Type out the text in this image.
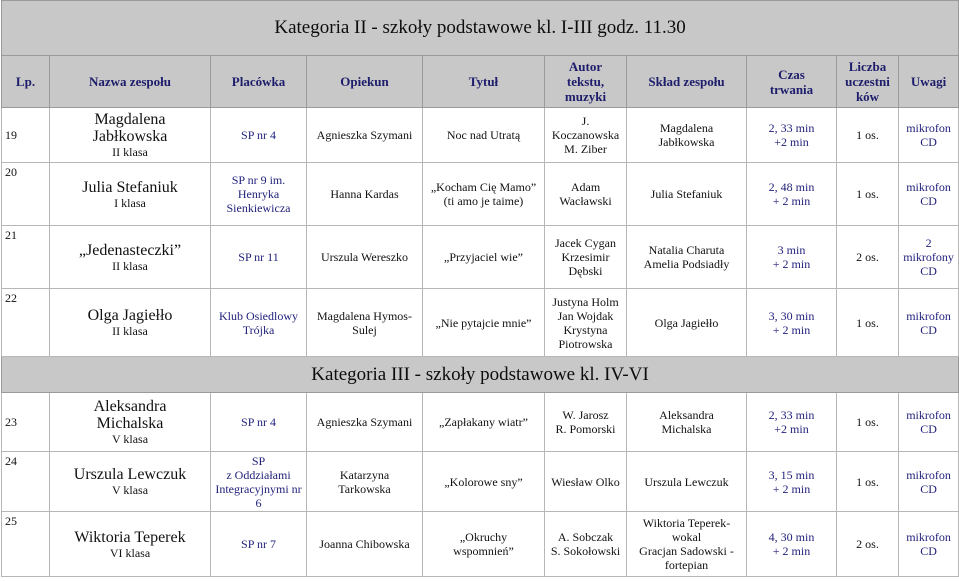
Kategoria II - szkoły podstawowe kl. I-III godz. 11.30									
Lp.	Nazwa zespołu	Placówka	Opiekun	Tytuł	Autor
tekstu,
muzyki	Skład zespołu	Czas
trwania	Liczba
uczestni
ków	Uwagi
19	Magdalena
Jabłkowska
II klasa	SP nr 4	Agnieszka Szymani	Noc nad Utratą	J. Koczanowska
M. Ziber	Magdalena
Jabłkowska	2, 33 min
+2 min	1 os.	mikrofon
CD

20	Julia Stefaniuk
I klasa	SP nr 9 im.
Henryka
Sienkiewicza	Hanna Kardas	„Kocham Cię Mamo”
(ti amo je taime)	Adam
Wacławski	Julia Stefaniuk	2, 48 min
+ 2 min	1 os.	mikrofon
CD

21	„Jedenasteczki”
II klasa	SP nr 11	Urszula Wereszko	„Przyjaciel wie”	Jacek Cygan
Krzesimir
Dębski	Natalia Charuta
Amelia Podsiadły	3 min
+ 2 min	2 os.	2 mikrofony
CD

22	Olga Jagiełło
II klasa	Klub Osiedlowy
Trójka	Magdalena Hymos-
Sulej	„Nie pytajcie mnie”	Justyna Holm
Jan Wojdak
Krystyna
Piotrowska	Olga Jagiełło	3, 30 min
+ 2 min	1 os.	mikrofon
CD

Kategoria III - szkoły podstawowe kl. IV-VI									
23	Aleksandra
Michalska
V klasa	SP nr 4	Agnieszka Szymani	„Zapłakany wiatr”	W. Jarosz
R. Pomorski	Aleksandra
Michalska	2, 33 min
+2 min	1 os.	mikrofon
CD

24	Urszula Lewczuk
V klasa	SP
z Oddziałami
Integracyjnymi nr
6	Katarzyna
Tarkowska	„Kolorowe sny”	Wiesław Olko	Urszula Lewczuk	3, 15 min
+ 2 min	1 os.	mikrofon
CD

25	Wiktoria Teperek
VI klasa	SP nr 7	Joanna Chibowska	„Okruchy
wspomnień”	A. Sobczak
S. Sokołowski	Wiktoria Teperek-
wokal
Gracjan Sadowski -
fortepian	4, 30 min
+ 2 min	2 os.	mikrofon
CD
